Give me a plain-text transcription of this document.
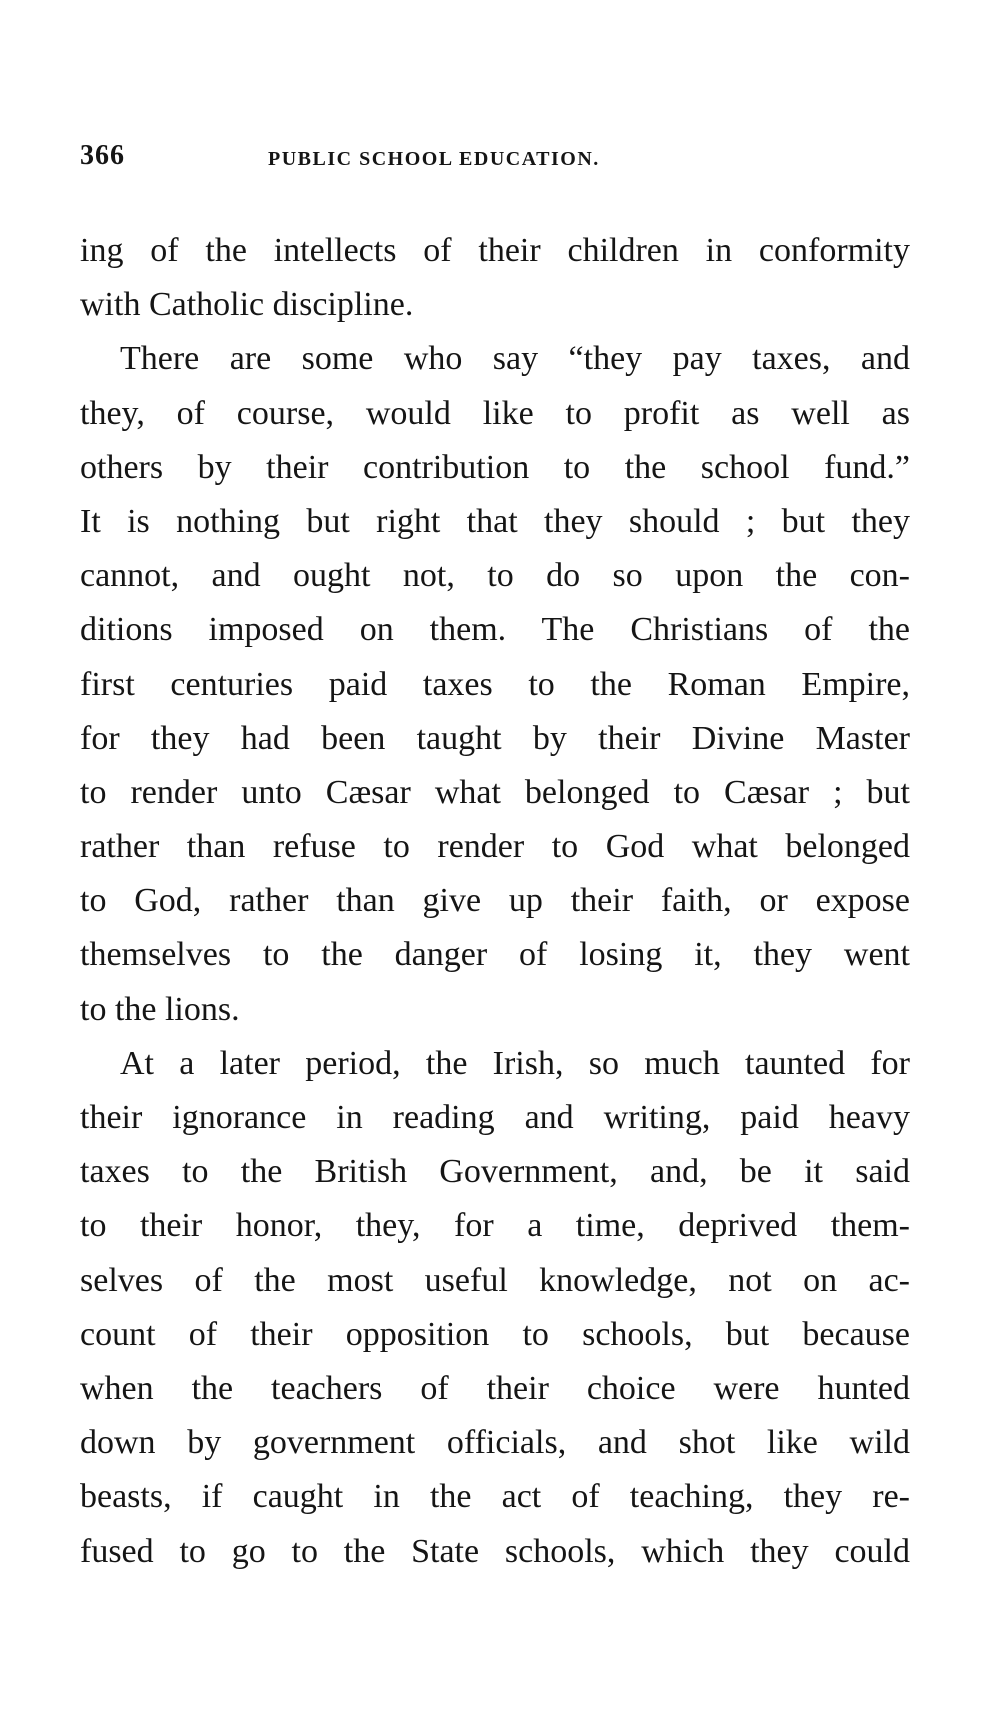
366	PUBLIC SCHOOL EDUCATION.
ing of the intellects of their children in conformity
with Catholic discipline.
There are some who say “they pay taxes, and
they, of course, would like to profit as well as
others by their contribution to the school fund.”
It is nothing but right that they should ; but they
cannot, and ought not, to do so upon the con-
ditions imposed on them. The Christians of the
first centuries paid taxes to the Roman Empire,
for they had been taught by their Divine Master
to render unto Cæsar what belonged to Cæsar ; but
rather than refuse to render to God what belonged
to God, rather than give up their faith, or expose
themselves to the danger of losing it, they went
to the lions.
At a later period, the Irish, so much taunted for
their ignorance in reading and writing, paid heavy
taxes to the British Government, and, be it said
to their honor, they, for a time, deprived them-
selves of the most useful knowledge, not on ac-
count of their opposition to schools, but because
when the teachers of their choice were hunted
down by government officials, and shot like wild
beasts, if caught in the act of teaching, they re-
fused to go to the State schools, which they could
